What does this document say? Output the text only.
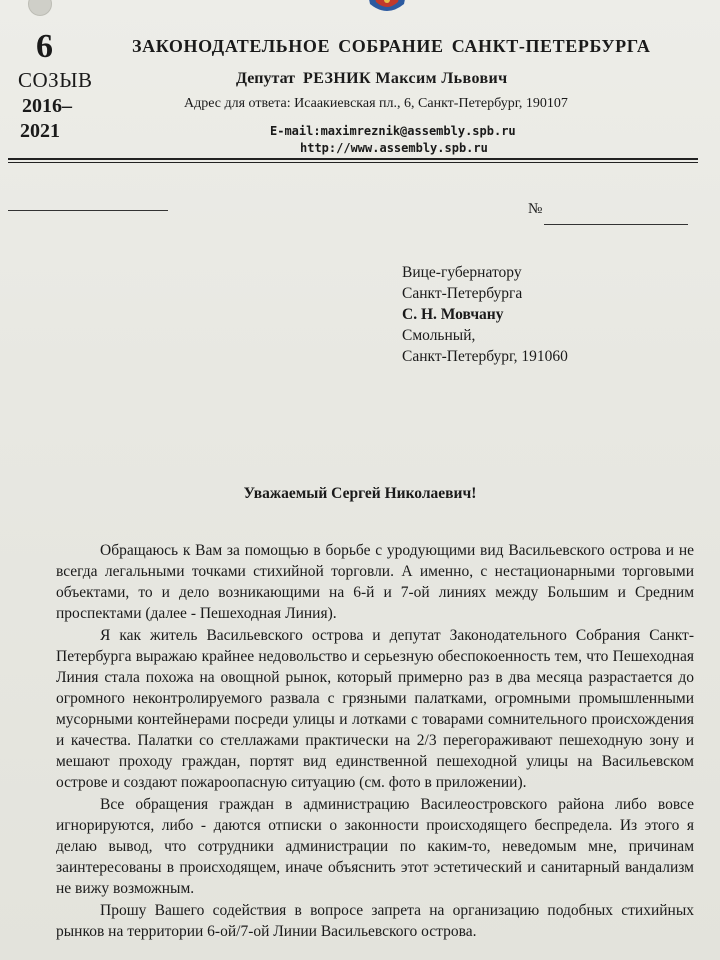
6
СОЗЫВ
2016–
2021
ЗАКОНОДАТЕЛЬНОЕ СОБРАНИЕ САНКТ-ПЕТЕРБУРГА
Депутат РЕЗНИК Максим Львович
Адрес для ответа: Исаакиевская пл., 6, Санкт-Петербург, 190107
E-mail:maximreznik@assembly.spb.ru
http://www.assembly.spb.ru
№
Вице-губернатору
Санкт-Петербурга
С. Н. Мовчану
Смольный,
Санкт-Петербург, 191060
Уважаемый Сергей Николаевич!

Обращаюсь к Вам за помощью в борьбе с уродующими вид Васильевского острова и не всегда легальными точками стихийной торговли. А именно, с нестационарными торговыми объектами, то и дело возникающими на 6-й и 7-ой линиях между Большим и Средним проспектами (далее - Пешеходная Линия).

Я как житель Васильевского острова и депутат Законодательного Собрания Санкт-Петербурга выражаю крайнее недовольство и серьезную обеспокоенность тем, что Пешеходная Линия стала похожа на овощной рынок, который примерно раз в два месяца разрастается до огромного неконтролируемого развала с грязными палатками, огромными промышленными мусорными контейнерами посреди улицы и лотками с товарами сомнительного происхождения и качества. Палатки со стеллажами практически на 2/3 перегораживают пешеходную зону и мешают проходу граждан, портят вид единственной пешеходной улицы на Васильевском острове и создают пожароопасную ситуацию (см. фото в приложении).

Все обращения граждан в администрацию Василеостровского района либо вовсе игнорируются, либо - даются отписки о законности происходящего беспредела. Из этого я делаю вывод, что сотрудники администрации по каким-то, неведомым мне, причинам заинтересованы в происходящем, иначе объяснить этот эстетический и санитарный вандализм не вижу возможным.

Прошу Вашего содействия в вопросе запрета на организацию подобных стихийных рынков на территории 6-ой/7-ой Линии Васильевского острова.
